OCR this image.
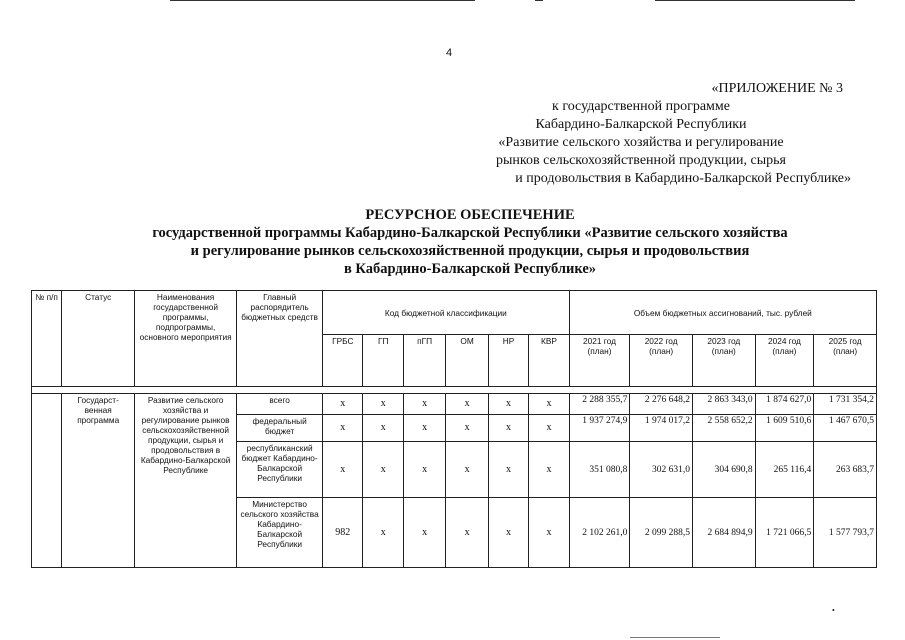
4
«ПРИЛОЖЕНИЕ № 3
к государственной программе
Кабардино-Балкарской Республики
«Развитие сельского хозяйства и регулирование
рынков сельскохозяйственной продукции, сырья
и продовольствия в Кабардино-Балкарской Республике»
РЕСУРСНОЕ ОБЕСПЕЧЕНИЕ
государственной программы Кабардино-Балкарской Республики «Развитие сельского хозяйства
и регулирование рынков сельскохозяйственной продукции, сырья и продовольствия
в Кабардино-Балкарской Республике»
№ п/п	Статус	Наименования государственной программы, подпрограммы, основного мероприятия	Главный распорядитель бюджетных средств	Код бюджетной классификации						Объем бюджетных ассигнований, тыс. рублей				
				ГРБС	ГП	пГП	ОМ	НР	КВР	2021 год (план)	2022 год (план)	2023 год (план)	2024 год (план)	2025 год (план)

	Государст-венная программа	Развитие сельского хозяйства и регулирование рынков сельскохозяйственной продукции, сырья и продовольствия в Кабардино-Балкарской Республике	всего	х	х	х	х	х	х	2 288 355,7	2 276 648,2	2 863 343,0	1 874 627,0	1 731 354,2
			федеральный бюджет	х	х	х	х	х	х	1 937 274,9	1 974 017,2	2 558 652,2	1 609 510,6	1 467 670,5
			республиканский бюджет Кабардино-Балкарской Республики	х	х	х	х	х	х	351 080,8	302 631,0	304 690,8	265 116,4	263 683,7
			Министерство сельского хозяйства Кабардино-Балкарской Республики	982	х	х	х	х	х	2 102 261,0	2 099 288,5	2 684 894,9	1 721 066,5	1 577 793,7
•
